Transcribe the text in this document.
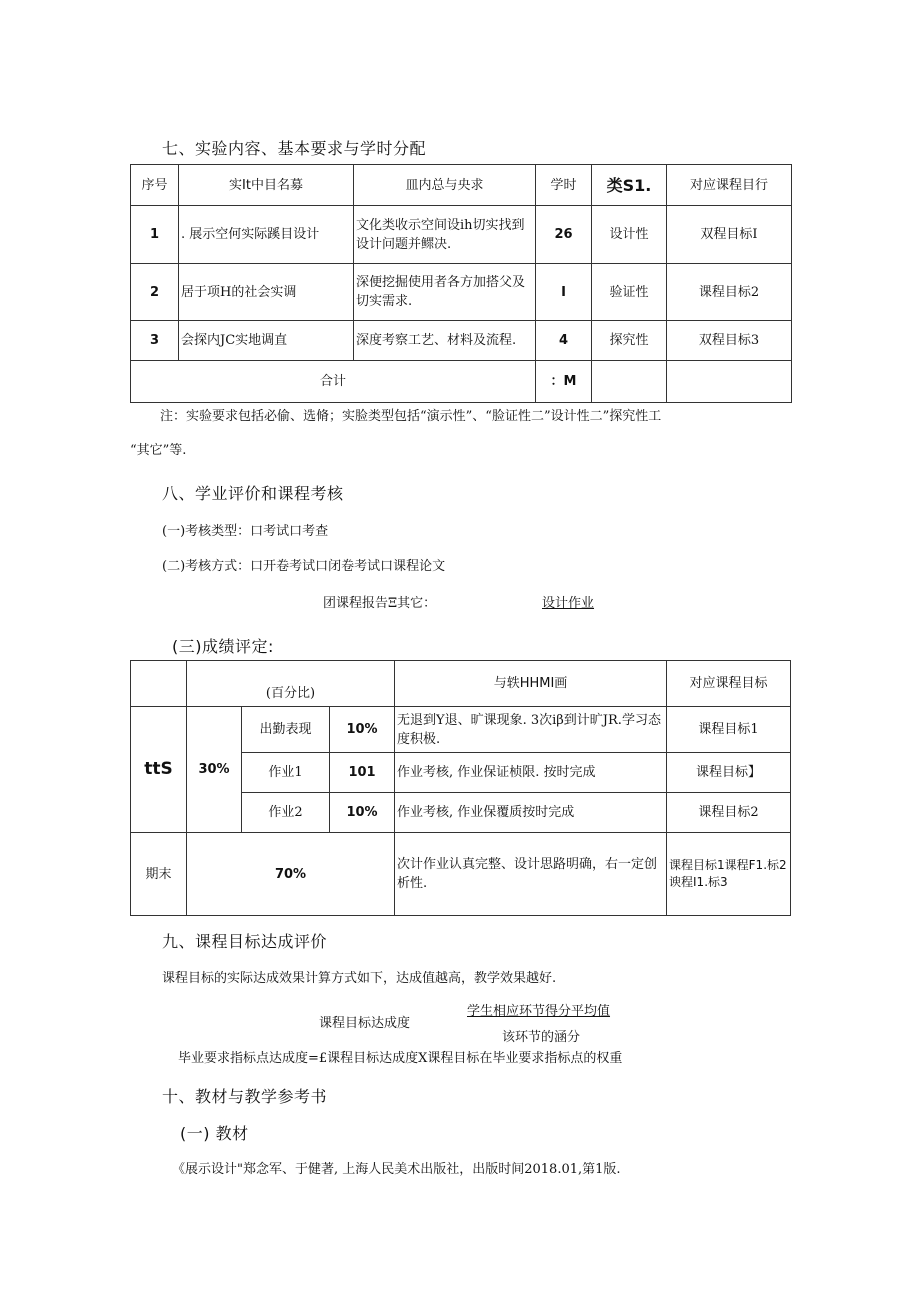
七、实验内容、基本要求与学时分配
序号	实It中目名募	皿内总与央求	学时	类S1.	对应课程目行
1	. 展示空何实际蹊目设计	文化类收示空间设ih切实找到设计问题并鳏决.	26	设计性	双程目标I
2	居于项H的社会实调	深便挖掘使用者各方加搭父及切实需求.	I	验证性	课程目标2
3	会探内JC实地调直	深度考察工艺、材料及流程.	4	探究性	双程目标3
合计			：M		
注：实验要求包括必偷、选脩；实脸类型包括“演示性”、“脸证性二”设计性二”探究性工
“其它”等.
八、学业评价和课程考核
(一)考核类型：口考试口考查
(二)考核方式：口开卷考试口闭卷考试口课程论文
团课程报告Ξ其它：	设计作业
(三)成绩评定:
	(百分比)			与轶HHMI画	对应课程目标
ttS	30%	出勤表现	10%	无退到Y退、旷课现象. 3次iβ到计旷JR.学习态度积极.	课程目标1
		作业1	101	作业考核, 作业保证桢限. 按时完成	课程目标】
		作业2	10%	作业考核, 作业保覆质按时完成	课程目标2
期末	70%			次计作业认真完整、设计思路明确，右一定创析性.	课程目标1课程F1.标2谀程I1.标3
九、课程目标达成评价
课程目标的实际达成效果计算方式如下，达成值越高，教学效果越好.
课程目标达成度
学生相应环节得分平均值
该环节的涵分
毕业要求指标点达成度=£课程目标达成度X课程目标在毕业要求指标点的权重
十、教材与教学参考书
(一) 教材
《展示设计"郑念军、于健著, 上海人民美术出版社，出版时间2018.01,第1版.
